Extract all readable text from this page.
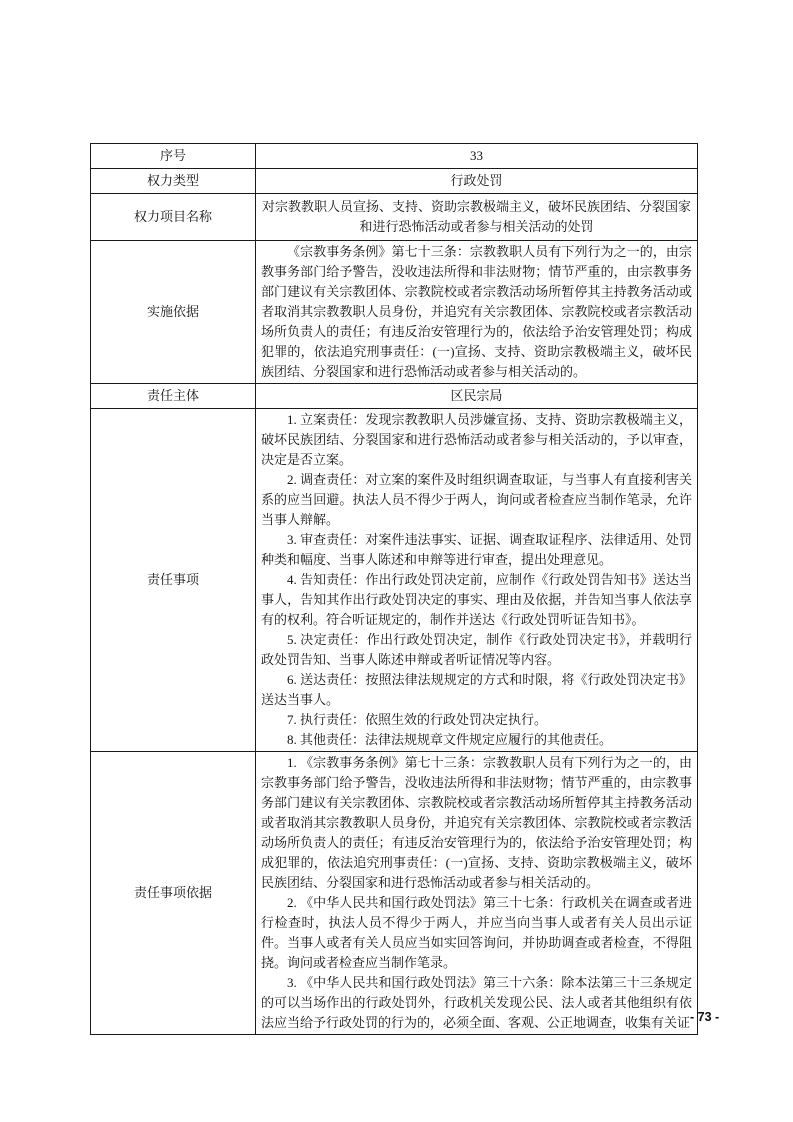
序号	33
权力类型	行政处罚
权力项目名称	对宗教教职人员宣扬、支持、资助宗教极端主义，破坏民族团结、分裂国家和进行恐怖活动或者参与相关活动的处罚
实施依据	《宗教事务条例》第七十三条：宗教教职人员有下列行为之一的，由宗教事务部门给予警告，没收违法所得和非法财物；情节严重的，由宗教事务部门建议有关宗教团体、宗教院校或者宗教活动场所暂停其主持教务活动或者取消其宗教教职人员身份，并追究有关宗教团体、宗教院校或者宗教活动场所负责人的责任；有违反治安管理行为的，依法给予治安管理处罚；构成犯罪的，依法追究刑事责任：(一)宣扬、支持、资助宗教极端主义，破坏民族团结、分裂国家和进行恐怖活动或者参与相关活动的。

责任主体	区民宗局
责任事项	

1. 立案责任：发现宗教教职人员涉嫌宣扬、支持、资助宗教极端主义，破坏民族团结、分裂国家和进行恐怖活动或者参与相关活动的，予以审查，决定是否立案。

2. 调查责任：对立案的案件及时组织调查取证，与当事人有直接利害关系的应当回避。执法人员不得少于两人，询问或者检查应当制作笔录，允许当事人辩解。

3. 审查责任：对案件违法事实、证据、调查取证程序、法律适用、处罚种类和幅度、当事人陈述和申辩等进行审查，提出处理意见。

4. 告知责任：作出行政处罚决定前，应制作《行政处罚告知书》送达当事人，告知其作出行政处罚决定的事实、理由及依据，并告知当事人依法享有的权利。符合听证规定的，制作并送达《行政处罚听证告知书》。

5. 决定责任：作出行政处罚决定，制作《行政处罚决定书》，并载明行政处罚告知、当事人陈述申辩或者听证情况等内容。

6. 送达责任：按照法律法规规定的方式和时限，将《行政处罚决定书》送达当事人。

7. 执行责任：依照生效的行政处罚决定执行。

8. 其他责任：法律法规规章文件规定应履行的其他责任。

责任事项依据	1. 《宗教事务条例》第七十三条：宗教教职人员有下列行为之一的，由宗教事务部门给予警告，没收违法所得和非法财物；情节严重的，由宗教事务部门建议有关宗教团体、宗教院校或者宗教活动场所暂停其主持教务活动或者取消其宗教教职人员身份，并追究有关宗教团体、宗教院校或者宗教活动场所负责人的责任；有违反治安管理行为的，依法给予治安管理处罚；构成犯罪的，依法追究刑事责任：(一)宣扬、支持、资助宗教极端主义，破坏民族团结、分裂国家和进行恐怖活动或者参与相关活动的。

2. 《中华人民共和国行政处罚法》第三十七条：行政机关在调查或者进行检查时，执法人员不得少于两人，并应当向当事人或者有关人员出示证件。当事人或者有关人员应当如实回答询问，并协助调查或者检查，不得阻挠。询问或者检查应当制作笔录。

3. 《中华人民共和国行政处罚法》第三十六条：除本法第三十三条规定的可以当场作出的行政处罚外，行政机关发现公民、法人或者其他组织有依法应当给予行政处罚的行为的，必须全面、客观、公正地调查，收集有关证 - 73 -
